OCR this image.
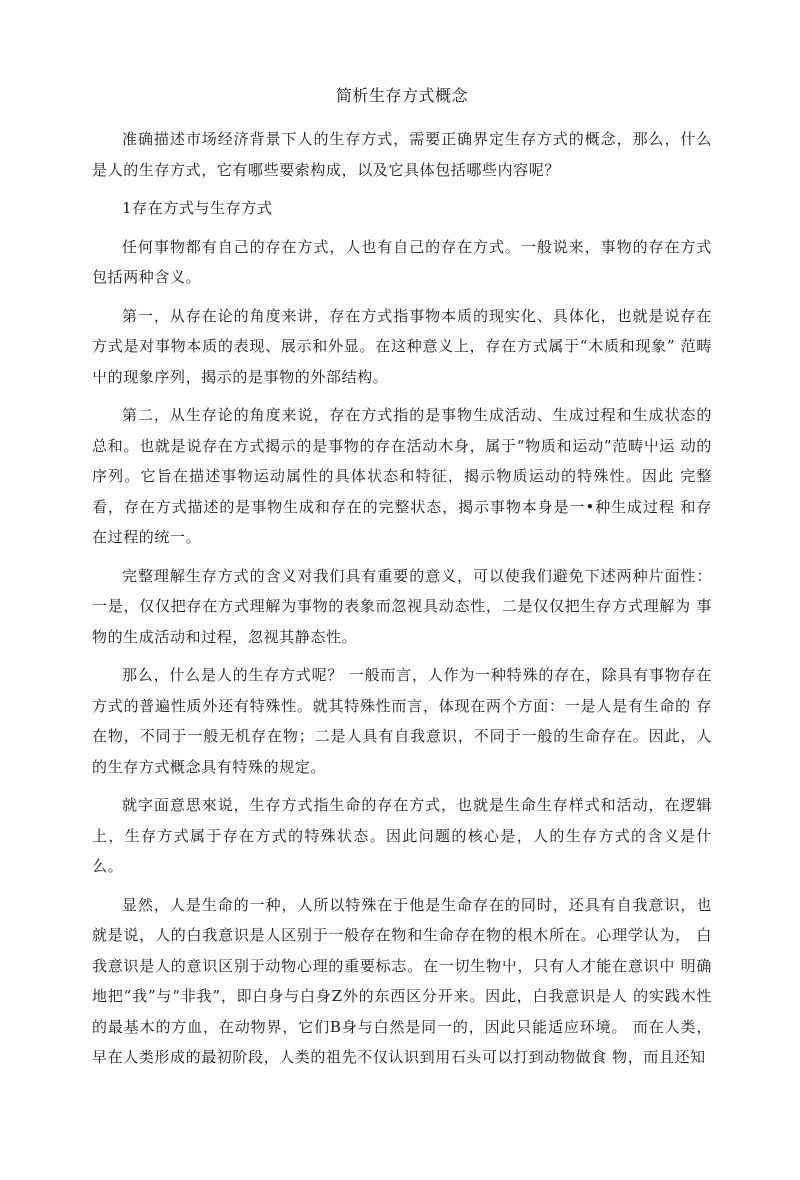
简析生存方式概念

准确描述市场经济背景下人的生存方式，需要正确界定生存方式的概念，那么，什么 是人的生存方式，它有哪些要索构成，以及它具体包括哪些内容呢？

1存在方式与生存方式

任何事物都有自己的存在方式，人也有自己的存在方式。一般说来，事物的存在方式 包括两种含义。

第一，从存在论的角度来讲，存在方式指事物本质的现实化、具体化，也就是说存在 方式是对事物本质的表现、展示和外显。在这种意义上，存在方式属于“木质和现象” 范畴屮的现象序列，揭示的是事物的外部结构。

第二，从生存论的角度来说，存在方式指的是事物生成活动、生成过程和生成状态的 总和。也就是说存在方式揭示的是事物的存在活动木身，属于“物质和运动”范畴屮运 动的序列。它旨在描述事物运动属性的具体状态和特征，揭示物质运动的特殊性。因此 完整看，存在方式描述的是事物生成和存在的完整状态，揭示事物本身是一•种生成过程 和存在过程的统一。

完整理解生存方式的含义对我们具有重要的意义，可以使我们避免下述两种片面性： 一是，仅仅把存在方式理解为事物的表象而忽视具动态性，二是仅仅把生存方式理解为 事物的生成活动和过程，忽视其静态性。

那么，什么是人的生存方式呢？ 一般而言，人作为一种特殊的存在，除具有事物存在方式的普遍性质外还有特殊性。就其特殊性而言，体现在两个方面：一是人是有生命的 存在物，不同于一般无机存在物；二是人具有自我意识，不同于一般的生命存在。因此，人的生存方式概念具有特殊的规定。

就字面意思來说，生存方式指生命的存在方式，也就是生命生存样式和活动，在逻辑 上，生存方式属于存在方式的特殊状态。因此问题的核心是，人的生存方式的含义是什 么。

显然，人是生命的一种，人所以特殊在于他是生命存在的同时，还具有自我意识，也 就是说，人的白我意识是人区别于一般存在物和生命存在物的根木所在。心理学认为， 白我意识是人的意识区别于动物心理的重要标志。在一切生物屮，只有人才能在意识中 明确地把“我”与“非我”，即白身与白身Z外的东西区分开来。因此，白我意识是人 的实践木性的最基木的方血，在动物界，它们B身与白然是同一的，因此只能适应环境。 而在人类，早在人类形成的最初阶段，人类的祖先不仅认识到用石头可以打到动物做食 物，而且还知
